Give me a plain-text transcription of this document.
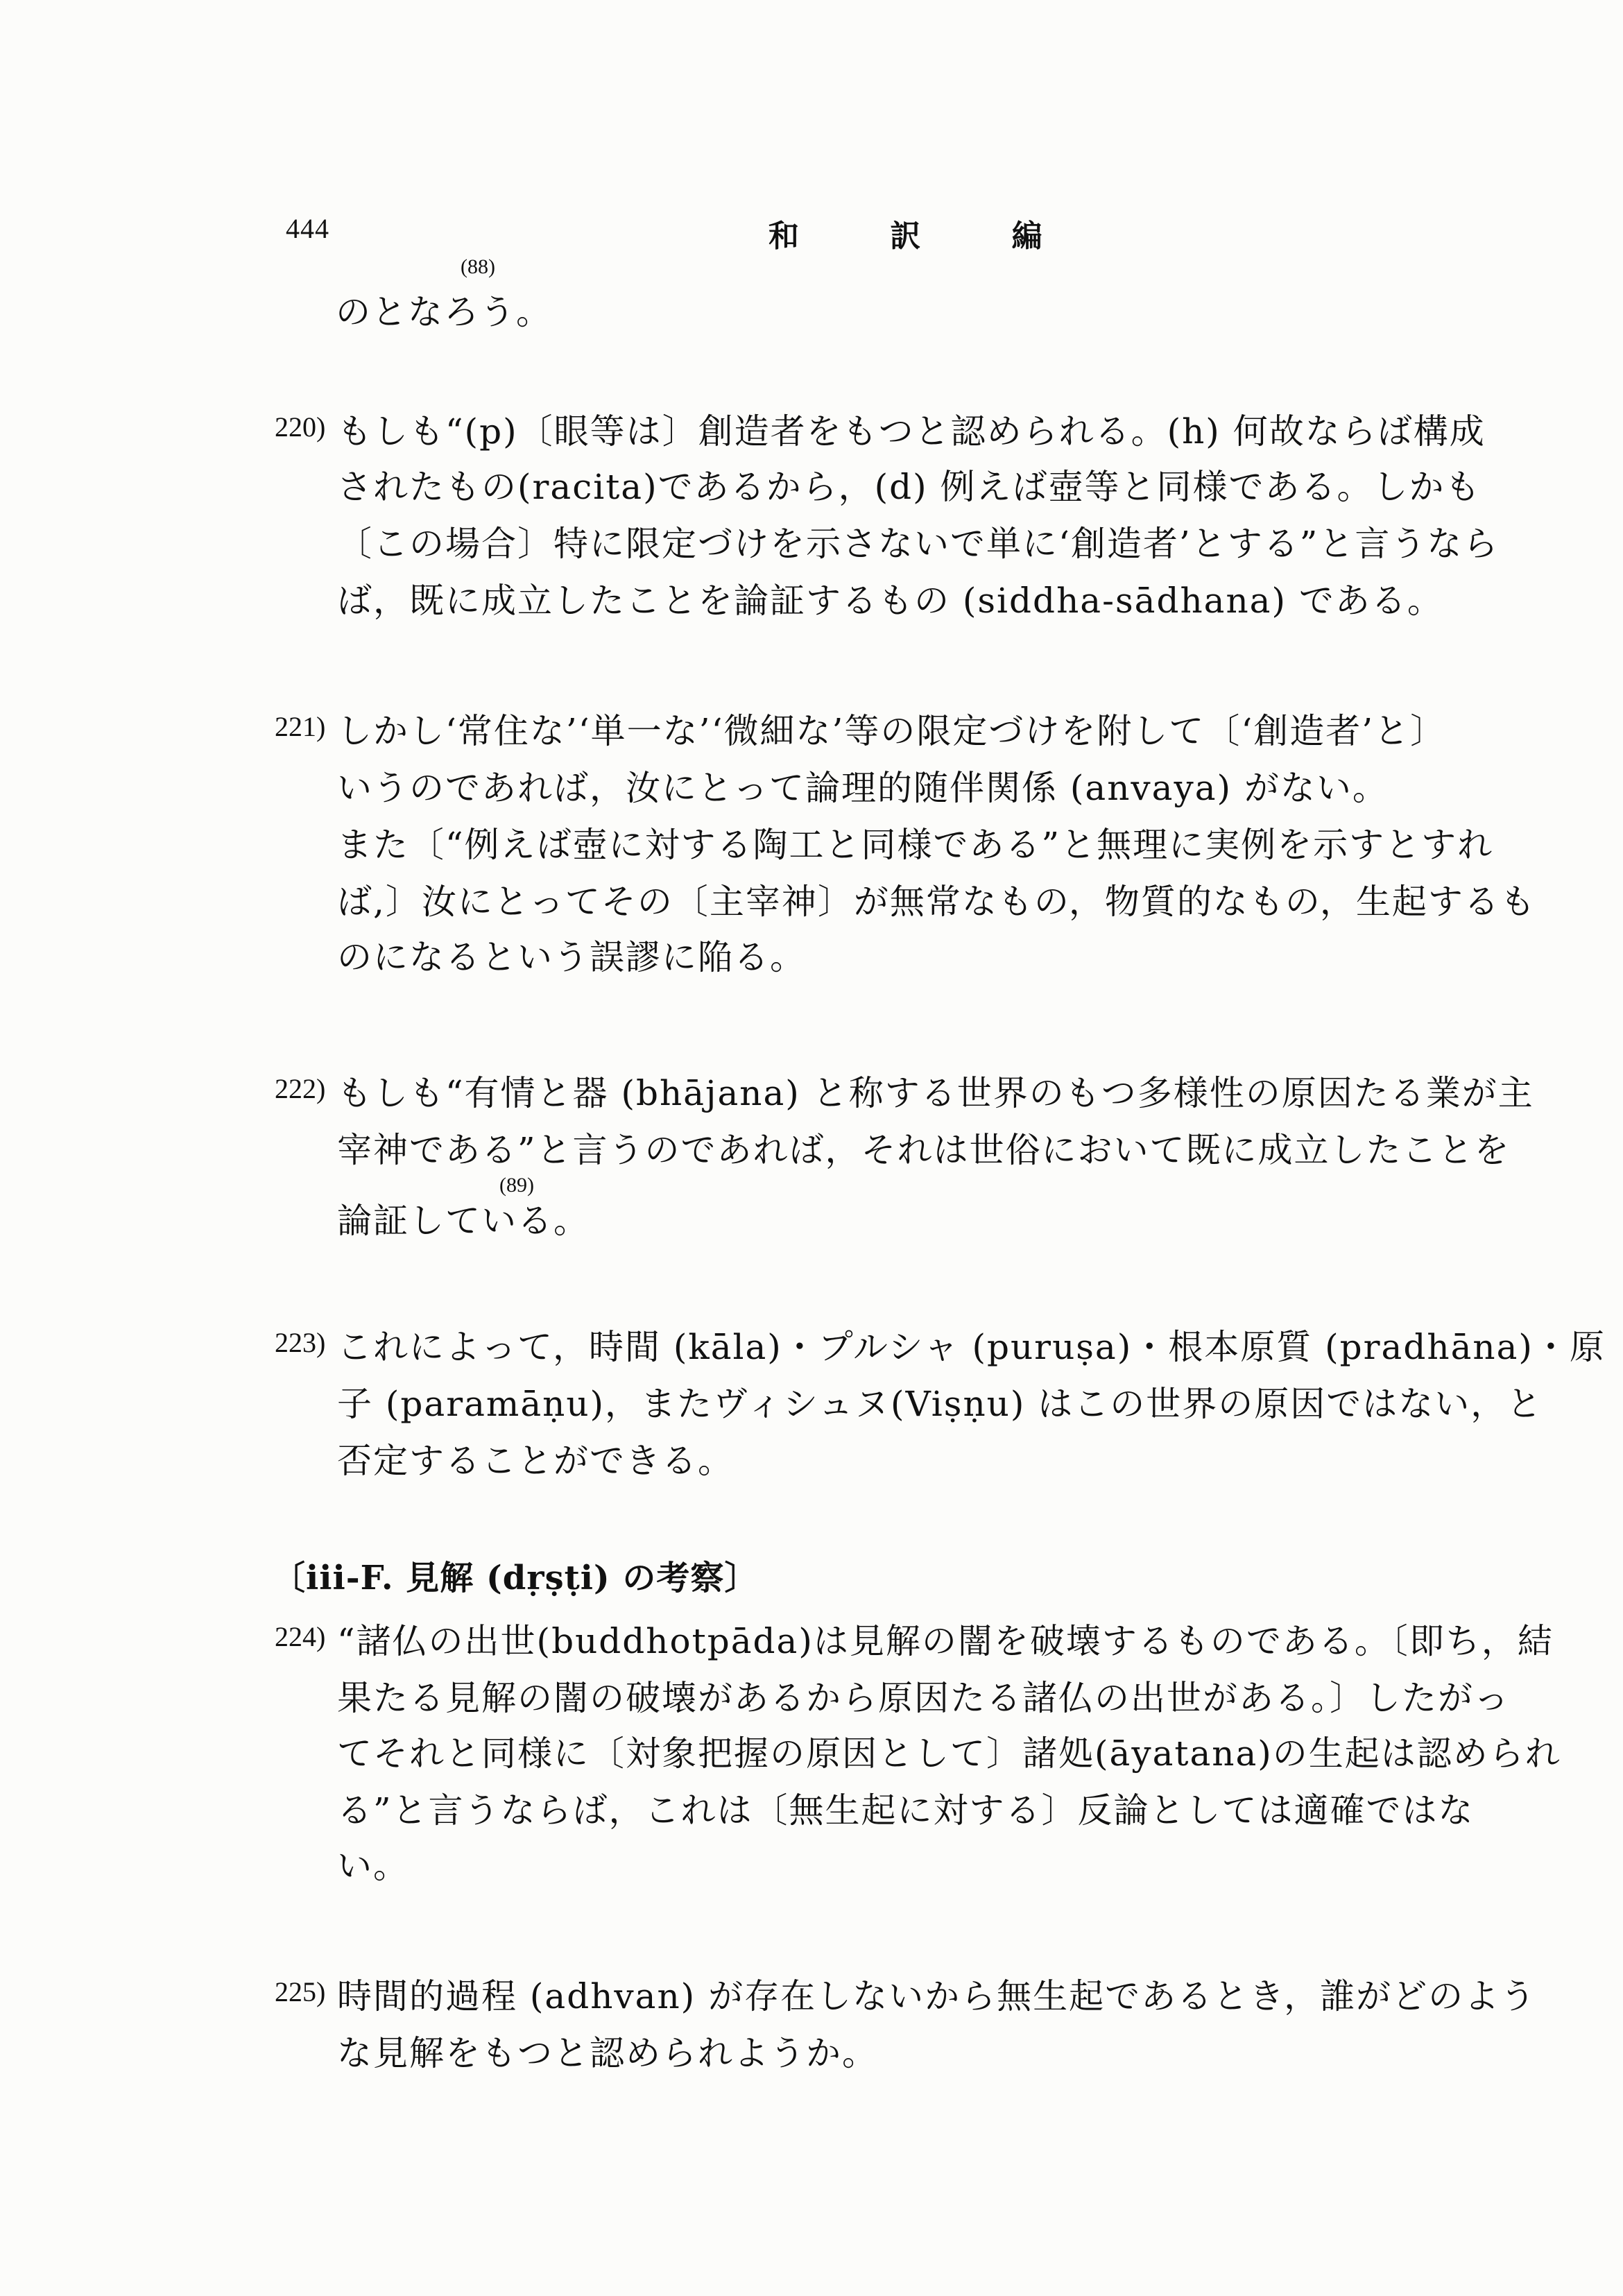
444	和 訳 編
(88)
のとなろう。
220) もしも“(p)〔眼等は〕創造者をもつと認められる。(h) 何故ならば構成
されたもの(racita)であるから，(d) 例えば壺等と同様である。しかも
〔この場合〕特に限定づけを示さないで単に‘創造者’とする”と言うなら
ば，既に成立したことを論証するもの (siddha-sādhana) である。
221) しかし‘常住な’‘単一な’‘微細な’等の限定づけを附して〔‘創造者’と〕
いうのであれば，汝にとって論理的随伴関係 (anvaya) がない。
また〔“例えば壺に対する陶工と同様である”と無理に実例を示すとすれ
ば,〕汝にとってその〔主宰神〕が無常なもの，物質的なもの，生起するも
のになるという誤謬に陥る。
222) もしも“有情と器 (bhājana) と称する世界のもつ多様性の原因たる業が主
宰神である”と言うのであれば，それは世俗において既に成立したことを
(89)
論証している。
223) これによって，時間 (kāla)・プルシャ (puruṣa)・根本原質 (pradhāna)・原
子 (paramāṇu)，またヴィシュヌ(Viṣṇu) はこの世界の原因ではない，と
否定することができる。
〔iii-F. 見解 (dṛṣṭi) の考察〕
224) “諸仏の出世(buddhotpāda)は見解の闇を破壊するものである。〔即ち，結
果たる見解の闇の破壊があるから原因たる諸仏の出世がある。〕したがっ
てそれと同様に〔対象把握の原因として〕諸処(āyatana)の生起は認められ
る”と言うならば，これは〔無生起に対する〕反論としては適確ではな
い。
225) 時間的過程 (adhvan) が存在しないから無生起であるとき，誰がどのよう
な見解をもつと認められようか。
